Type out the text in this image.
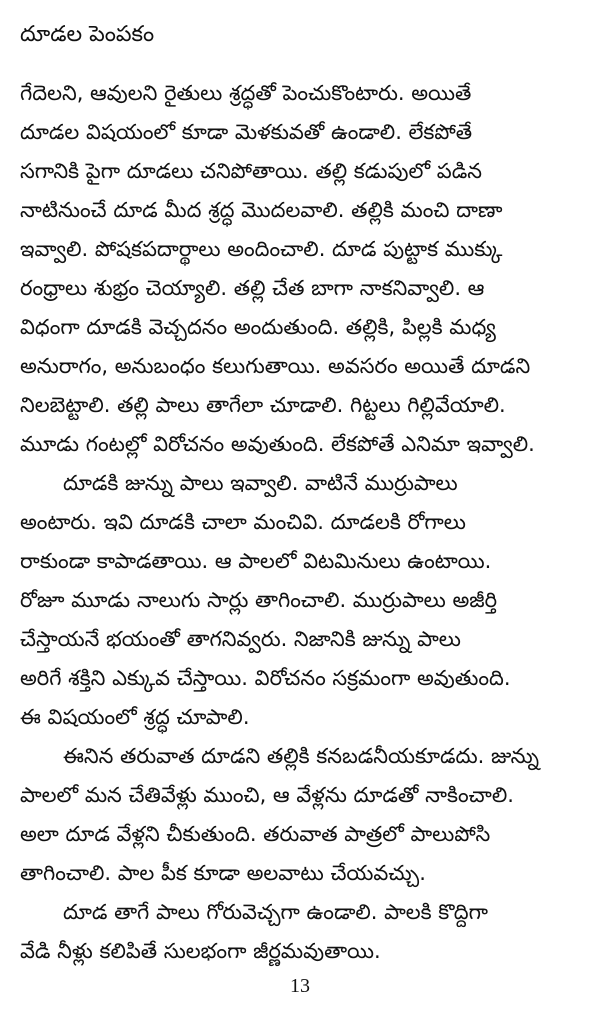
దూడల పెంపకం

గేదెలని, ఆవులని రైతులు శ్రద్ధతో పెంచుకొంటారు. అయితే
దూడల విషయంలో కూడా మెళకువతో ఉండాలి. లేకపోతే
సగానికి పైగా దూడలు చనిపోతాయి. తల్లి కడుపులో పడిన
నాటినుంచే దూడ మీద శ్రద్ధ మొదలవాలి. తల్లికి మంచి దాణా
ఇవ్వాలి. పోషకపదార్థాలు అందించాలి. దూడ పుట్టాక ముక్కు
రంధ్రాలు శుభ్రం చెయ్యాలి. తల్లి చేత బాగా నాకనివ్వాలి. ఆ
విధంగా దూడకి వెచ్చదనం అందుతుంది. తల్లికి, పిల్లకి మధ్య
అనురాగం, అనుబంధం కలుగుతాయి. అవసరం అయితే దూడని
నిలబెట్టాలి. తల్లి పాలు తాగేలా చూడాలి. గిట్టలు గిల్లివేయాలి.
మూడు గంటల్లో విరోచనం అవుతుంది. లేకపోతే ఎనిమా ఇవ్వాలి.

దూడకి జున్ను పాలు ఇవ్వాలి. వాటినే ముర్రుపాలు
అంటారు. ఇవి దూడకి చాలా మంచివి. దూడలకి రోగాలు
రాకుండా కాపాడతాయి. ఆ పాలలో విటమినులు ఉంటాయి.
రోజూ మూడు నాలుగు సార్లు తాగించాలి. ముర్రుపాలు అజీర్తి
చేస్తాయనే భయంతో తాగనివ్వరు. నిజానికి జున్ను పాలు
అరిగే శక్తిని ఎక్కువ చేస్తాయి. విరోచనం సక్రమంగా అవుతుంది.
ఈ విషయంలో శ్రద్ధ చూపాలి.

ఈనిన తరువాత దూడని తల్లికి కనబడనీయకూడదు. జున్ను
పాలలో మన చేతివేళ్లు ముంచి, ఆ వేళ్లను దూడతో నాకించాలి.
అలా దూడ వేళ్లని చీకుతుంది. తరువాత పాత్రలో పాలుపోసి
తాగించాలి. పాల పీక కూడా అలవాటు చేయవచ్చు.

దూడ తాగే పాలు గోరువెచ్చగా ఉండాలి. పాలకి కొద్దిగా
వేడి నీళ్లు కలిపితే సులభంగా జీర్ణమవుతాయి.

13
